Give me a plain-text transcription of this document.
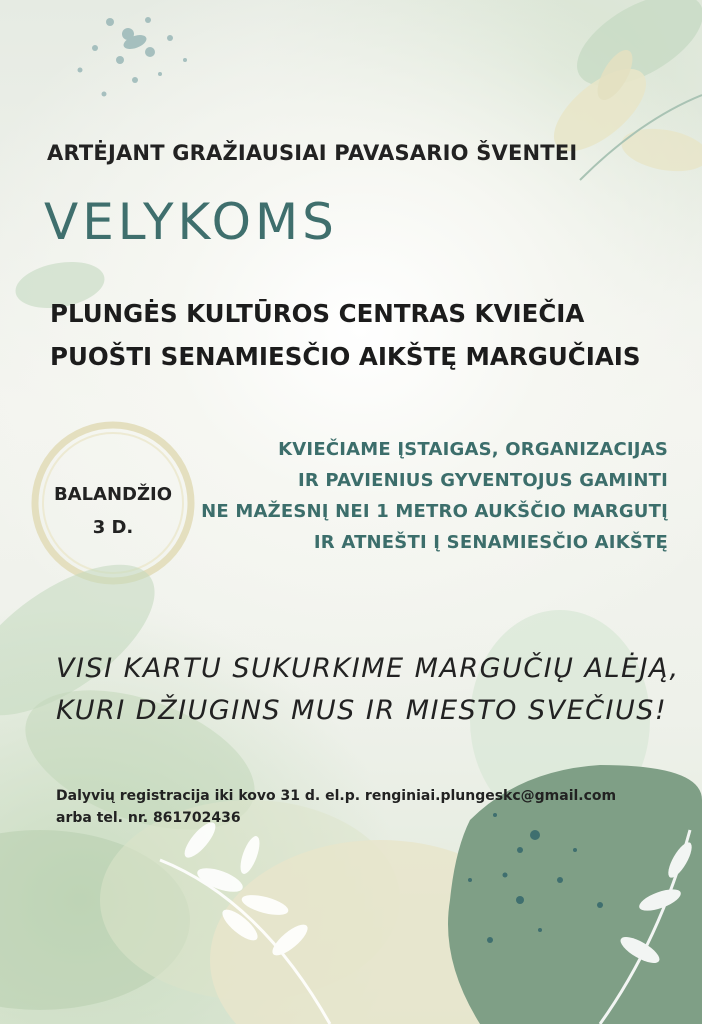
ARTĖJANT GRAŽIAUSIAI PAVASARIO ŠVENTEI

VELYKOMS
PLUNGĖS KULTŪROS CENTRAS KVIEČIA
PUOŠTI SENAMIESČIO AIKŠTĘ MARGUČIAIS
BALANDŽIO
3 D.
KVIEČIAME ĮSTAIGAS, ORGANIZACIJAS
IR PAVIENIUS GYVENTOJUS GAMINTI
NE MAŽESNĮ NEI 1 METRO AUKŠČIO MARGUTĮ
IR ATNEŠTI Į SENAMIESČIO AIKŠTĘ
VISI KARTU SUKURKIME MARGUČIŲ ALĖJĄ,
KURI DŽIUGINS MUS IR MIESTO SVEČIUS!
Dalyvių registracija iki kovo 31 d. el.p. renginiai.plungeskc@gmail.com
arba tel. nr. 861702436
